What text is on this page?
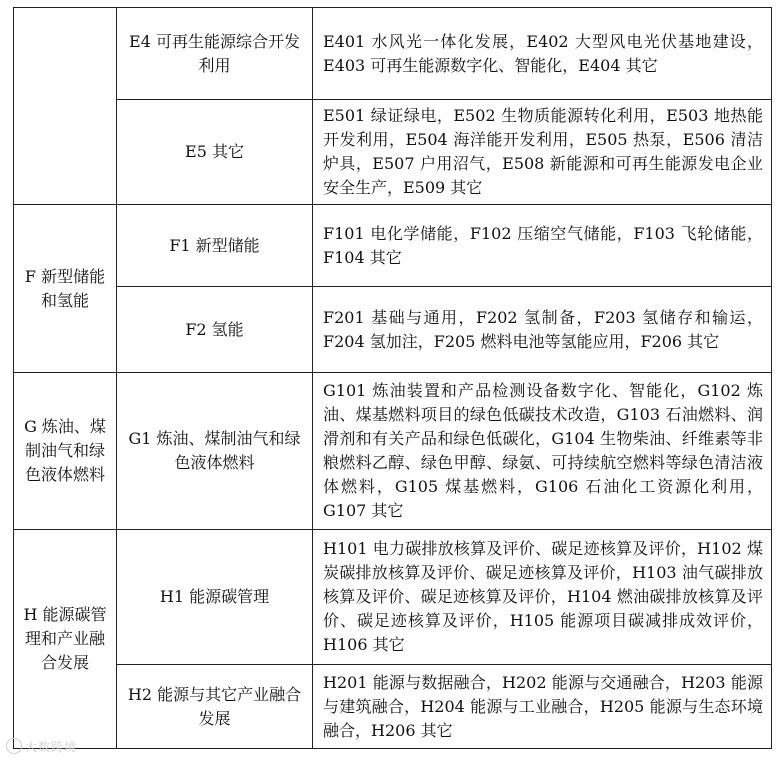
	E4 可再生能源综合开发利用	E401 水风光一体化发展，E402 大型风电光伏基地建设，E403 可再生能源数字化、智能化，E404 其它
	E5 其它	E501 绿证绿电，E502 生物质能源转化利用，E503 地热能开发利用，E504 海洋能开发利用，E505 热泵，E506 清洁炉具，E507 户用沼气，E508 新能源和可再生能源发电企业安全生产，E509 其它
F 新型储能和氢能	F1 新型储能	F101 电化学储能，F102 压缩空气储能，F103 飞轮储能，F104 其它
	F2 氢能	F201 基础与通用，F202 氢制备，F203 氢储存和输运，F204 氢加注，F205 燃料电池等氢能应用，F206 其它
G 炼油、煤制油气和绿色液体燃料	G1 炼油、煤制油气和绿色液体燃料	G101 炼油装置和产品检测设备数字化、智能化，G102 炼油、煤基燃料项目的绿色低碳技术改造，G103 石油燃料、润滑剂和有关产品和绿色低碳化，G104 生物柴油、纤维素等非粮燃料乙醇、绿色甲醇、绿氨、可持续航空燃料等绿色清洁液体燃料，G105 煤基燃料，G106 石油化工资源化利用，G107 其它
H 能源碳管理和产业融合发展	H1 能源碳管理	H101 电力碳排放核算及评价、碳足迹核算及评价，H102 煤炭碳排放核算及评价、碳足迹核算及评价，H103 油气碳排放核算及评价、碳足迹核算及评价，H104 燃油碳排放核算及评价、碳足迹核算及评价，H105 能源项目碳减排成效评价，H106 其它
	H2 能源与其它产业融合发展	H201 能源与数据融合，H202 能源与交通融合，H203 能源与建筑融合，H204 能源与工业融合，H205 能源与生态环境融合，H206 其它
大数跨境
